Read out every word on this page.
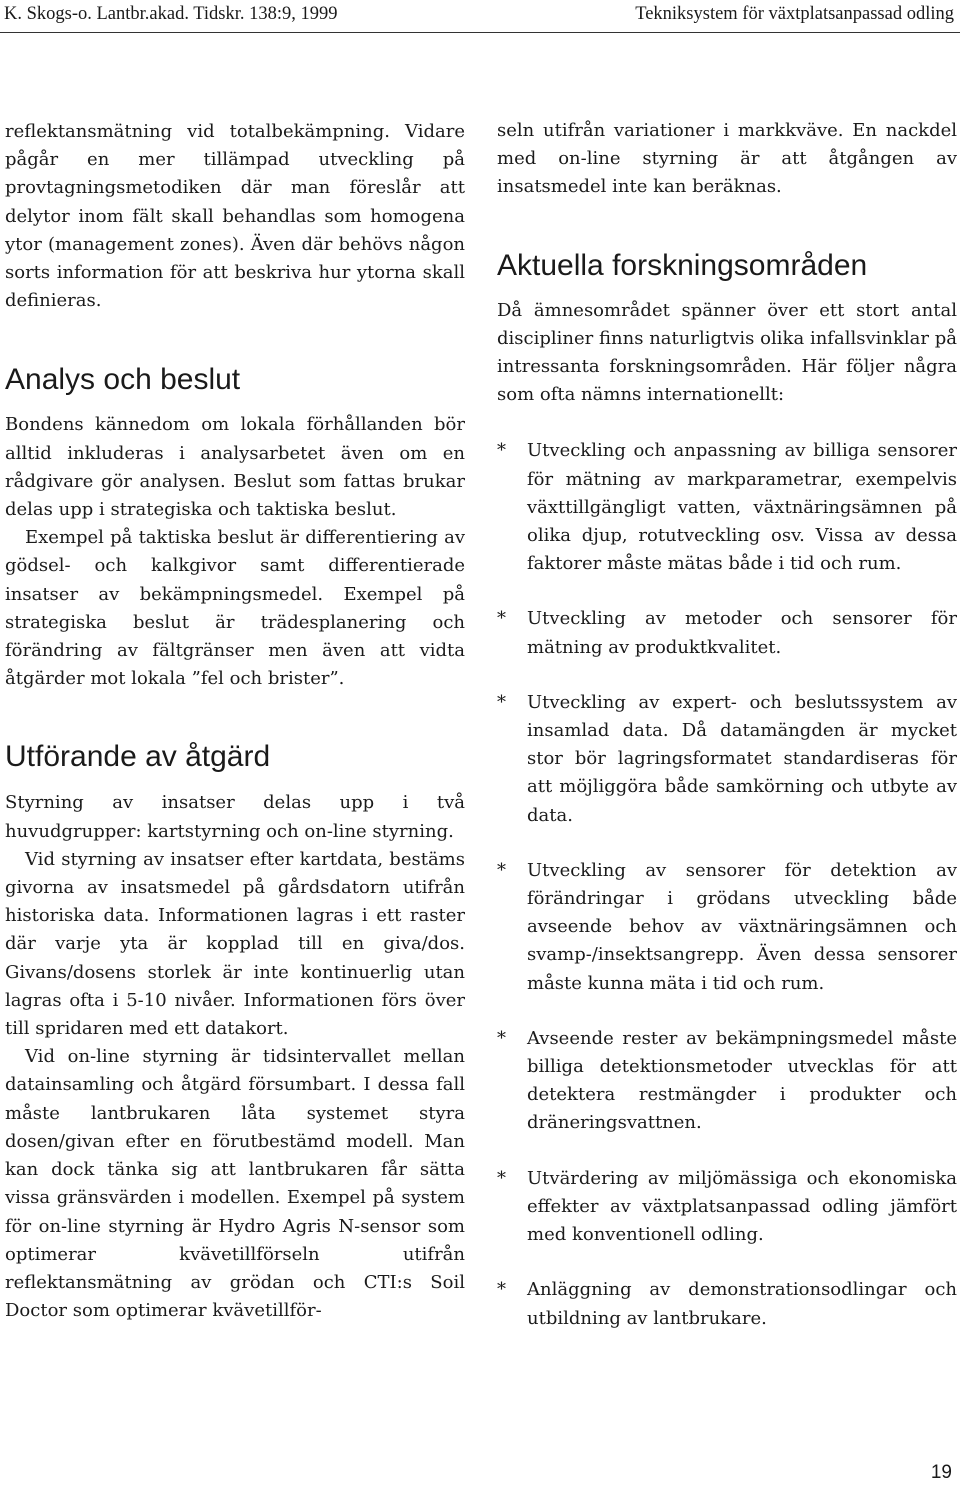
K. Skogs-o. Lantbr.akad. Tidskr. 138:9, 1999	Tekniksystem för växtplatsanpassad odling

reflektansmätning vid totalbekämpning. Vidare pågår en mer tillämpad utveckling på provtagningsmetodiken där man föreslår att delytor inom fält skall behandlas som homogena ytor (management zones). Även där behövs någon sorts information för att beskriva hur ytorna skall definieras.

Analys och beslut

Bondens kännedom om lokala förhållanden bör alltid inkluderas i analysarbetet även om en rådgivare gör analysen. Beslut som fattas brukar delas upp i strategiska och taktiska beslut.

Exempel på taktiska beslut är differentiering av gödsel- och kalkgivor samt differentierade insatser av bekämpningsmedel. Exempel på strategiska beslut är trädesplanering och förändring av fältgränser men även att vidta åtgärder mot lokala ”fel och brister”.

Utförande av åtgärd

Styrning av insatser delas upp i två huvudgrupper: kartstyrning och on-line styrning.

Vid styrning av insatser efter kartdata, bestäms givorna av insatsmedel på gårdsdatorn utifrån historiska data. Informationen lagras i ett raster där varje yta är kopplad till en giva/dos. Givans/dosens storlek är inte kontinuerlig utan lagras ofta i 5-10 nivåer. Informationen förs över till spridaren med ett datakort.

Vid on-line styrning är tidsintervallet mellan datainsamling och åtgärd försumbart. I dessa fall måste lantbrukaren låta systemet styra dosen/givan efter en förutbestämd modell. Man kan dock tänka sig att lantbrukaren får sätta vissa gränsvärden i modellen. Exempel på system för on-line styrning är Hydro Agris N-sensor som optimerar kvävetillförseln utifrån reflektansmätning av grödan och CTI:s Soil Doctor som optimerar kvävetillför-

seln utifrån variationer i markkväve. En nackdel med on-line styrning är att åtgången av insatsmedel inte kan beräknas.

Aktuella forskningsområden

Då ämnesområdet spänner över ett stort antal discipliner finns naturligtvis olika infallsvinklar på intressanta forskningsområden. Här följer några som ofta nämns internationellt:

* Utveckling och anpassning av billiga sensorer för mätning av markparametrar, exempelvis växttillgängligt vatten, växtnäringsämnen på olika djup, rotutveckling osv. Vissa av dessa faktorer måste mätas både i tid och rum.
* Utveckling av metoder och sensorer för mätning av produktkvalitet.
* Utveckling av expert- och beslutssystem av insamlad data. Då datamängden är mycket stor bör lagringsformatet standardiseras för att möjliggöra både samkörning och utbyte av data.
* Utveckling av sensorer för detektion av förändringar i grödans utveckling både avseende behov av växtnäringsämnen och svamp-/insektsangrepp. Även dessa sensorer måste kunna mäta i tid och rum.
* Avseende rester av bekämpningsmedel måste billiga detektionsmetoder utvecklas för att detektera restmängder i produkter och dräneringsvattnen.
* Utvärdering av miljömässiga och ekonomiska effekter av växtplatsanpassad odling jämfört med konventionell odling.
* Anläggning av demonstrationsodlingar och utbildning av lantbrukare.
19
